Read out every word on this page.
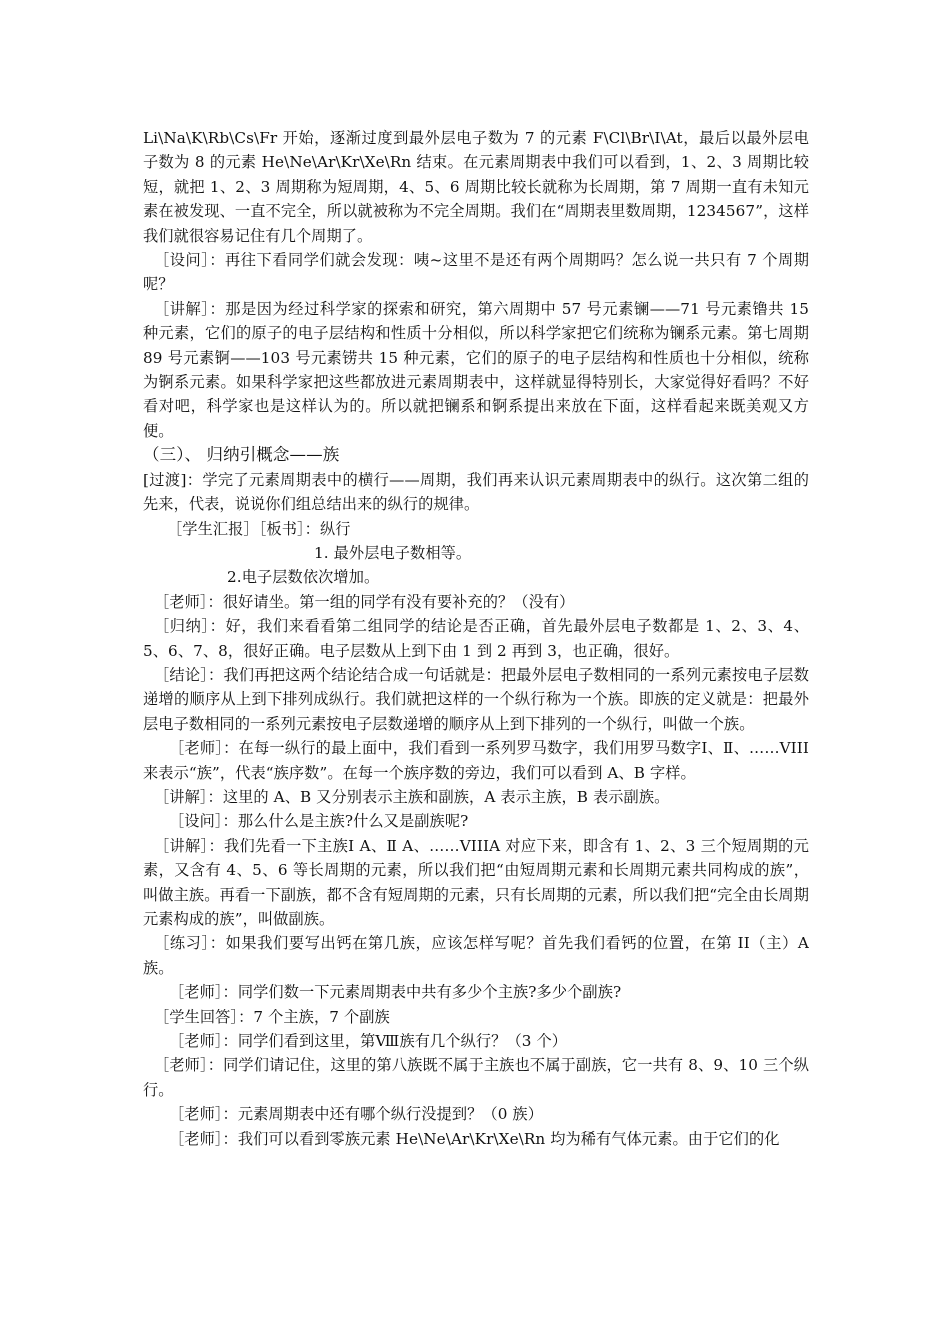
Li\Na\K\Rb\Cs\Fr 开始，逐渐过度到最外层电子数为 7 的元素 F\Cl\Br\I\At，最后以最外层电子数为 8 的元素 He\Ne\Ar\Kr\Xe\Rn 结束。在元素周期表中我们可以看到，1、2、3 周期比较短，就把 1、2、3 周期称为短周期，4、5、6 周期比较长就称为长周期，第 7 周期一直有未知元素在被发现、一直不完全，所以就被称为不完全周期。我们在“周期表里数周期，1234567”，这样我们就很容易记住有几个周期了。

［设问］：再往下看同学们就会发现：咦~这里不是还有两个周期吗？怎么说一共只有 7 个周期呢？

［讲解］：那是因为经过科学家的探索和研究，第六周期中 57 号元素镧——71 号元素镥共 15 种元素，它们的原子的电子层结构和性质十分相似，所以科学家把它们统称为镧系元素。第七周期 89 号元素锕——103 号元素铹共 15 种元素，它们的原子的电子层结构和性质也十分相似，统称为锕系元素。如果科学家把这些都放进元素周期表中，这样就显得特别长，大家觉得好看吗？不好看对吧，科学家也是这样认为的。所以就把镧系和锕系提出来放在下面，这样看起来既美观又方便。

（三）、 归纳引概念——族

[过渡]：学完了元素周期表中的横行——周期，我们再来认识元素周期表中的纵行。这次第二组的先来，代表，说说你们组总结出来的纵行的规律。

［学生汇报］［板书］：纵行

1. 最外层电子数相等。

2.电子层数依次增加。

［老师］：很好请坐。第一组的同学有没有要补充的？（没有）

［归纳］：好，我们来看看第二组同学的结论是否正确，首先最外层电子数都是 1、2、3、4、5、6、7、8，很好正确。电子层数从上到下由 1 到 2 再到 3，也正确，很好。

［结论］：我们再把这两个结论结合成一句话就是：把最外层电子数相同的一系列元素按电子层数递增的顺序从上到下排列成纵行。我们就把这样的一个纵行称为一个族。即族的定义就是：把最外层电子数相同的一系列元素按电子层数递增的顺序从上到下排列的一个纵行，叫做一个族。

［老师］：在每一纵行的最上面中，我们看到一系列罗马数字，我们用罗马数字Ⅰ、Ⅱ、……VIII 来表示“族”，代表“族序数”。在每一个族序数的旁边，我们可以看到 A、B 字样。

［讲解］：这里的 A、B 又分别表示主族和副族，A 表示主族，B 表示副族。

［设问］：那么什么是主族?什么又是副族呢?

［讲解］：我们先看一下主族Ⅰ A、Ⅱ A、……VIIIA 对应下来，即含有 1、2、3 三个短周期的元素，又含有 4、5、6 等长周期的元素，所以我们把“由短周期元素和长周期元素共同构成的族”，叫做主族。再看一下副族，都不含有短周期的元素，只有长周期的元素，所以我们把“完全由长周期元素构成的族”，叫做副族。

［练习］：如果我们要写出钙在第几族，应该怎样写呢？首先我们看钙的位置，在第 II（主）A 族。

［老师］：同学们数一下元素周期表中共有多少个主族?多少个副族?

［学生回答］：7 个主族，7 个副族

［老师］：同学们看到这里，第Ⅷ族有几个纵行？（3 个）

［老师］：同学们请记住，这里的第八族既不属于主族也不属于副族，它一共有 8、9、10 三个纵行。

［老师］：元素周期表中还有哪个纵行没提到？（0 族）

［老师］：我们可以看到零族元素 He\Ne\Ar\Kr\Xe\Rn 均为稀有气体元素。由于它们的化
